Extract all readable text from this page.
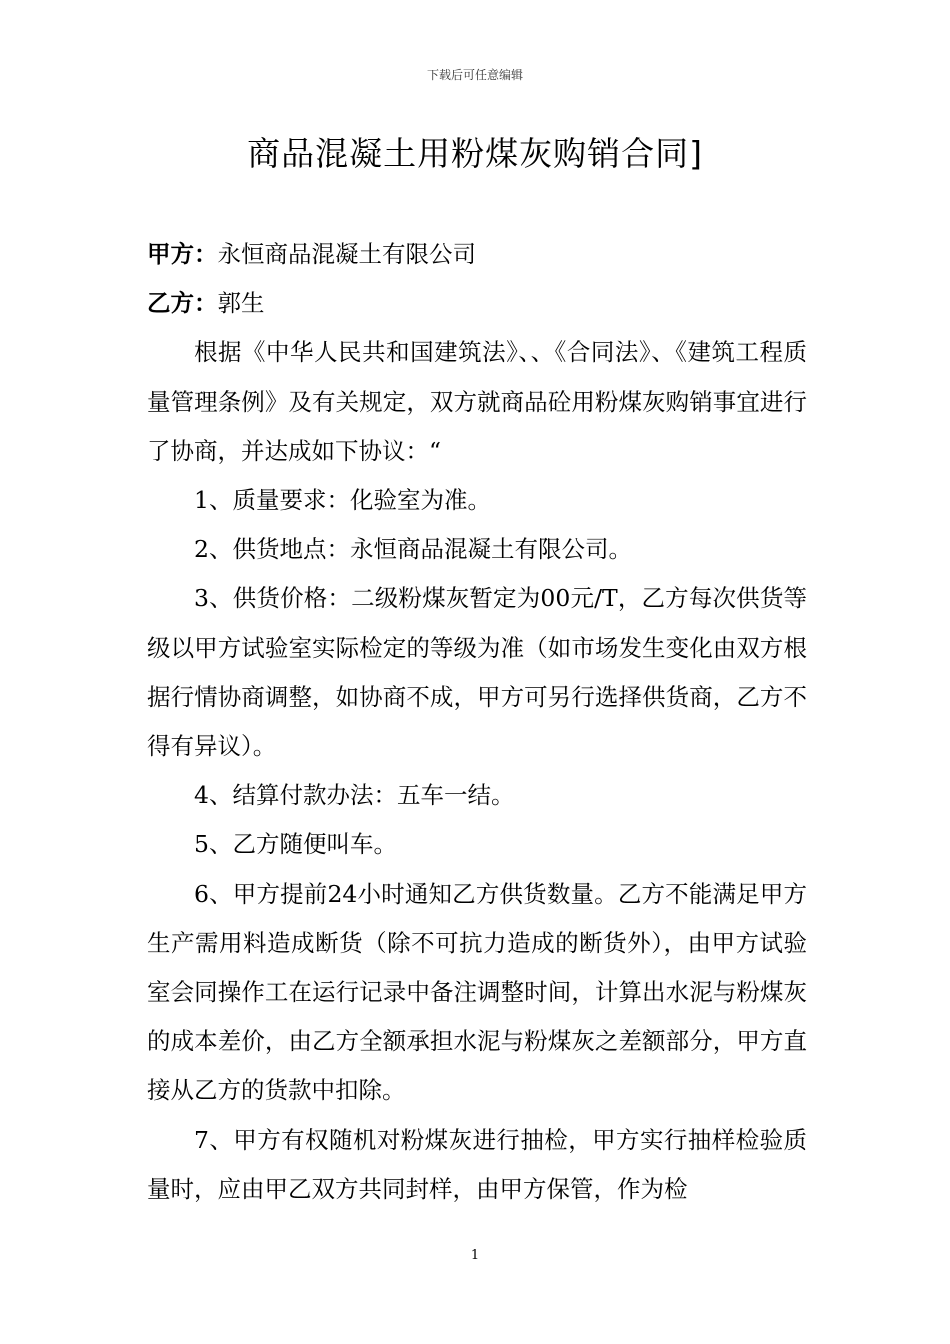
下载后可任意编辑
商品混凝土用粉煤灰购销合同]

甲方：永恒商品混凝土有限公司

乙方：郭生

根据《中华人民共和国建筑法》、、《合同法》、《建筑工程质量管理条例》及有关规定，双方就商品砼用粉煤灰购销事宜进行了协商，并达成如下协议：“

1、质量要求：化验室为准。

2、供货地点：永恒商品混凝土有限公司。

3、供货价格：二级粉煤灰暂定为00元/T，乙方每次供货等级以甲方试验室实际检定的等级为准（如市场发生变化由双方根据行情协商调整，如协商不成，甲方可另行选择供货商，乙方不得有异议）。

4、结算付款办法：五车一结。

5、乙方随便叫车。

6、甲方提前24小时通知乙方供货数量。乙方不能满足甲方生产需用料造成断货（除不可抗力造成的断货外），由甲方试验室会同操作工在运行记录中备注调整时间，计算出水泥与粉煤灰的成本差价，由乙方全额承担水泥与粉煤灰之差额部分，甲方直接从乙方的货款中扣除。

7、甲方有权随机对粉煤灰进行抽检，甲方实行抽样检验质量时，应由甲乙双方共同封样，由甲方保管，作为检

1
